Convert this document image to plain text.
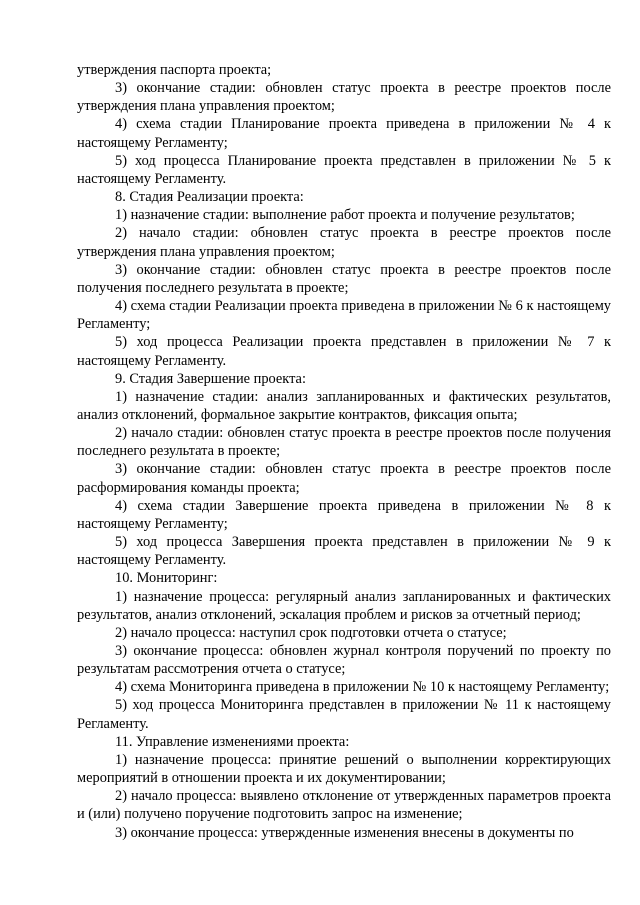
утверждения паспорта проекта;

3) окончание стадии: обновлен статус проекта в реестре проектов после утверждения плана управления проектом;

4) схема стадии Планирование проекта приведена в приложении № 4 к настоящему Регламенту;

5) ход процесса Планирование проекта представлен в приложении № 5 к настоящему Регламенту.

8. Стадия Реализации проекта:

1) назначение стадии: выполнение работ проекта и получение результатов;

2) начало стадии: обновлен статус проекта в реестре проектов после утверждения плана управления проектом;

3) окончание стадии: обновлен статус проекта в реестре проектов после получения последнего результата в проекте;

4) схема стадии Реализации проекта приведена в приложении № 6 к настоящему Регламенту;

5) ход процесса Реализации проекта представлен в приложении № 7 к настоящему Регламенту.

9. Стадия Завершение проекта:

1) назначение стадии: анализ запланированных и фактических результатов, анализ отклонений, формальное закрытие контрактов, фиксация опыта;

2) начало стадии: обновлен статус проекта в реестре проектов после получения последнего результата в проекте;

3) окончание стадии: обновлен статус проекта в реестре проектов после расформирования команды проекта;

4) схема стадии Завершение проекта приведена в приложении № 8 к настоящему Регламенту;

5) ход процесса Завершения проекта представлен в приложении № 9 к настоящему Регламенту.

10. Мониторинг:

1) назначение процесса: регулярный анализ запланированных и фактических результатов, анализ отклонений, эскалация проблем и рисков за отчетный период;

2) начало процесса: наступил срок подготовки отчета о статусе;

3) окончание процесса: обновлен журнал контроля поручений по проекту по результатам рассмотрения отчета о статусе;

4) схема Мониторинга приведена в приложении № 10 к настоящему Регламенту;

5) ход процесса Мониторинга представлен в приложении № 11 к настоящему Регламенту.

11. Управление изменениями проекта:

1) назначение процесса: принятие решений о выполнении корректирующих мероприятий в отношении проекта и их документировании;

2) начало процесса: выявлено отклонение от утвержденных параметров проекта и (или) получено поручение подготовить запрос на изменение;

3) окончание процесса: утвержденные изменения внесены в документы по
